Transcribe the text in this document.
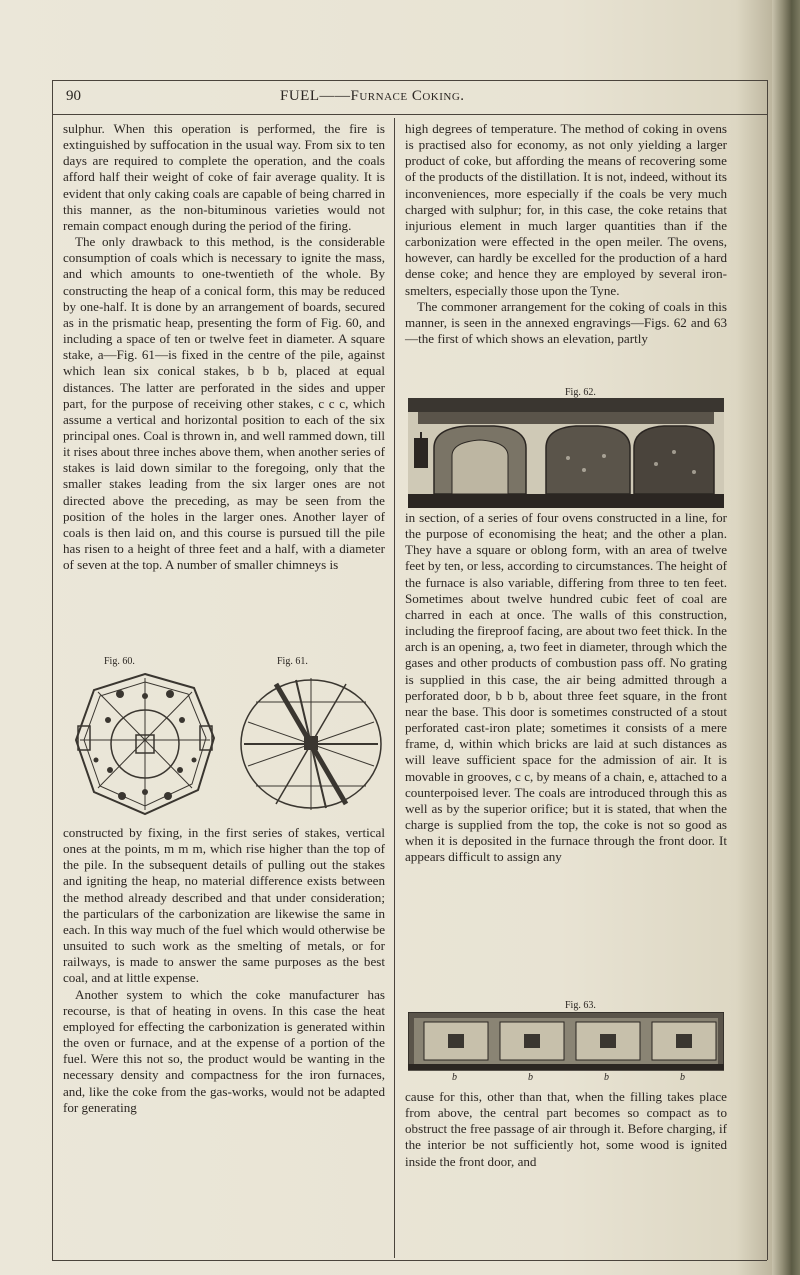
90	FUEL——Furnace Coking.

sulphur. When this operation is performed, the fire is extinguished by suffocation in the usual way. From six to ten days are required to complete the operation, and the coals afford half their weight of coke of fair average quality. It is evident that only caking coals are capable of being charred in this manner, as the non-bituminous varieties would not remain compact enough during the period of the firing.

The only drawback to this method, is the considerable consumption of coals which is necessary to ignite the mass, and which amounts to one-twentieth of the whole. By constructing the heap of a conical form, this may be reduced by one-half. It is done by an arrangement of boards, secured as in the prismatic heap, presenting the form of Fig. 60, and including a space of ten or twelve feet in diameter. A square stake, a—Fig. 61—is fixed in the centre of the pile, against which lean six conical stakes, b b b, placed at equal distances. The latter are perforated in the sides and upper part, for the purpose of receiving other stakes, c c c, which assume a vertical and horizontal position to each of the six principal ones. Coal is thrown in, and well rammed down, till it rises about three inches above them, when another series of stakes is laid down similar to the foregoing, only that the smaller stakes leading from the six larger ones are not directed above the preceding, as may be seen from the position of the holes in the larger ones. Another layer of coals is then laid on, and this course is pursued till the pile has risen to a height of three feet and a half, with a diameter of seven at the top. A number of smaller chimneys is

Fig. 60.	Fig. 61.

constructed by fixing, in the first series of stakes, vertical ones at the points, m m m, which rise higher than the top of the pile. In the subsequent details of pulling out the stakes and igniting the heap, no material difference exists between the method already described and that under consideration; the particulars of the carbonization are likewise the same in each. In this way much of the fuel which would otherwise be unsuited to such work as the smelting of metals, or for railways, is made to answer the same purposes as the best coal, and at little expense.

Another system to which the coke manufacturer has recourse, is that of heating in ovens. In this case the heat employed for effecting the carbonization is generated within the oven or furnace, and at the expense of a portion of the fuel. Were this not so, the product would be wanting in the necessary density and compactness for the iron furnaces, and, like the coke from the gas-works, would not be adapted for generating

high degrees of temperature. The method of coking in ovens is practised also for economy, as not only yielding a larger product of coke, but affording the means of recovering some of the products of the distillation. It is not, indeed, without its inconveniences, more especially if the coals be very much charged with sulphur; for, in this case, the coke retains that injurious element in much larger quantities than if the carbonization were effected in the open meiler. The ovens, however, can hardly be excelled for the production of a hard dense coke; and hence they are employed by several iron-smelters, especially those upon the Tyne.

The commoner arrangement for the coking of coals in this manner, is seen in the annexed engravings—Figs. 62 and 63—the first of which shows an elevation, partly

Fig. 62.

in section, of a series of four ovens constructed in a line, for the purpose of economising the heat; and the other a plan. They have a square or oblong form, with an area of twelve feet by ten, or less, according to circumstances. The height of the furnace is also variable, differing from three to ten feet. Sometimes about twelve hundred cubic feet of coal are charred in each at once. The walls of this construction, including the fireproof facing, are about two feet thick. In the arch is an opening, a, two feet in diameter, through which the gases and other products of combustion pass off. No grating is supplied in this case, the air being admitted through a perforated door, b b b, about three feet square, in the front near the base. This door is sometimes constructed of a stout perforated cast-iron plate; sometimes it consists of a mere frame, d, within which bricks are laid at such distances as will leave sufficient space for the admission of air. It is movable in grooves, c c, by means of a chain, e, attached to a counterpoised lever. The coals are introduced through this as well as by the superior orifice; but it is stated, that when the charge is supplied from the top, the coke is not so good as when it is deposited in the furnace through the front door. It appears difficult to assign any

Fig. 63.
b	b	b	b

cause for this, other than that, when the filling takes place from above, the central part becomes so compact as to obstruct the free passage of air through it. Before charging, if the interior be not sufficiently hot, some wood is ignited inside the front door, and
